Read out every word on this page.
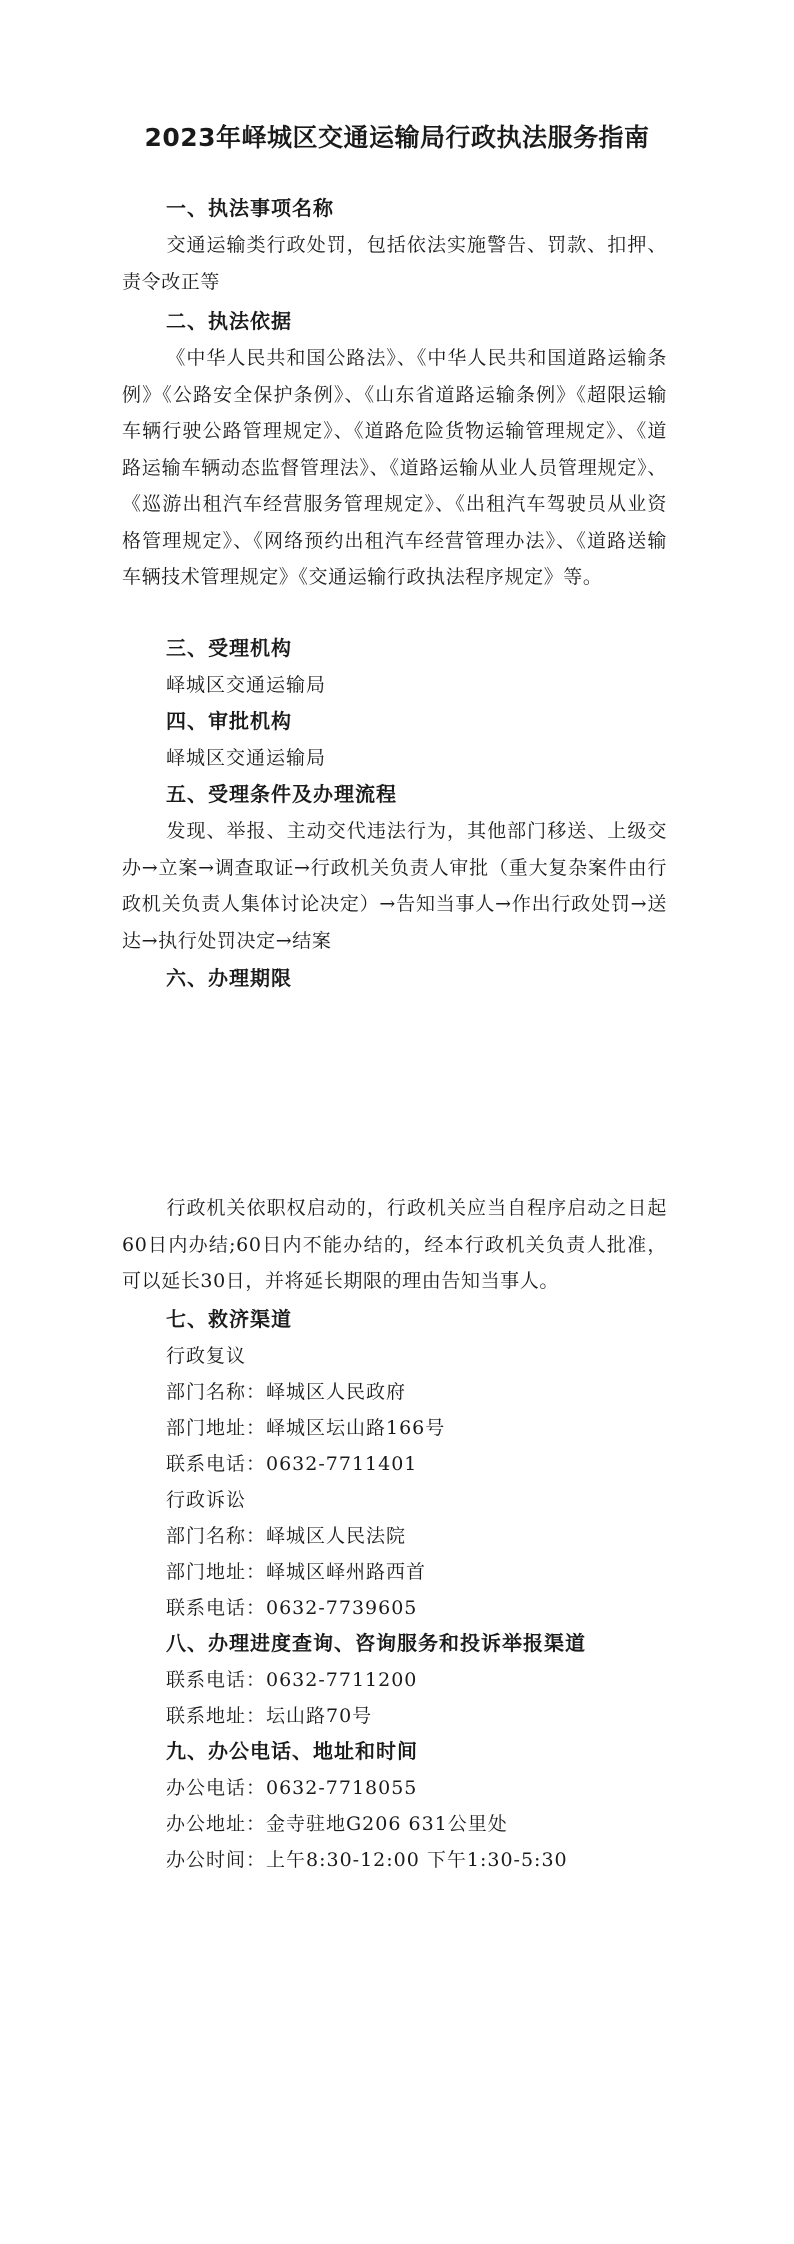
2023年峄城区交通运输局行政执法服务指南
一、执法事项名称
交通运输类行政处罚，包括依法实施警告、罚款、扣押、责令改正等
二、执法依据
《中华人民共和国公路法》、《中华人民共和国道路运输条例》《公路安全保护条例》、《山东省道路运输条例》《超限运输车辆行驶公路管理规定》、《道路危险货物运输管理规定》、《道路运输车辆动态监督管理法》、《道路运输从业人员管理规定》、《巡游出租汽车经营服务管理规定》、《出租汽车驾驶员从业资格管理规定》、《网络预约出租汽车经营管理办法》、《道路送输车辆技术管理规定》《交通运输行政执法程序规定》等。
三、受理机构
峄城区交通运输局
四、审批机构
峄城区交通运输局
五、受理条件及办理流程
发现、举报、主动交代违法行为，其他部门移送、上级交办→立案→调查取证→行政机关负责人审批（重大复杂案件由行政机关负责人集体讨论决定）→告知当事人→作出行政处罚→送达→执行处罚决定→结案
六、办理期限
行政机关依职权启动的，行政机关应当自程序启动之日起60日内办结;60日内不能办结的，经本行政机关负责人批准，可以延长30日，并将延长期限的理由告知当事人。
七、救济渠道
行政复议
部门名称：峄城区人民政府
部门地址：峄城区坛山路166号
联系电话：0632-7711401
行政诉讼
部门名称：峄城区人民法院
部门地址：峄城区峄州路西首
联系电话：0632-7739605
八、办理进度查询、咨询服务和投诉举报渠道
联系电话：0632-7711200
联系地址：坛山路70号
九、办公电话、地址和时间
办公电话：0632-7718055
办公地址：金寺驻地G206 631公里处
办公时间：上午8:30-12:00 下午1:30-5:30
